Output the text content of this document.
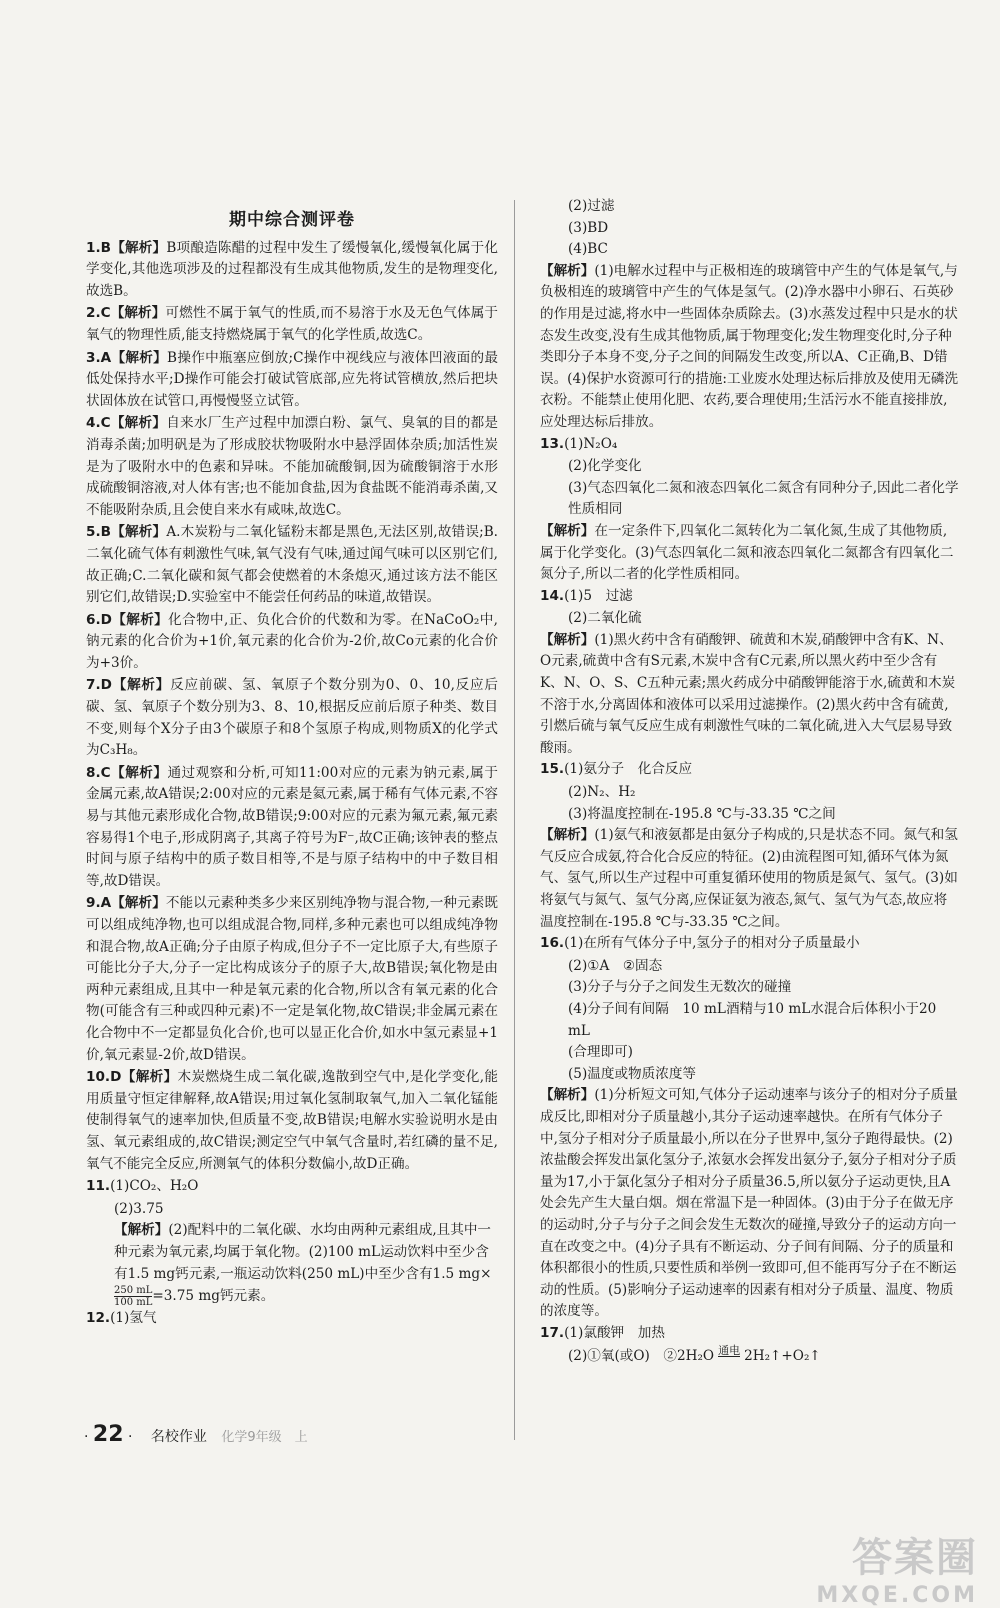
期中综合测评卷

1.B【解析】B项酿造陈醋的过程中发生了缓慢氧化,缓慢氧化属于化学变化,其他选项涉及的过程都没有生成其他物质,发生的是物理变化,故选B。

2.C【解析】可燃性不属于氧气的性质,而不易溶于水及无色气体属于氧气的物理性质,能支持燃烧属于氧气的化学性质,故选C。

3.A【解析】B操作中瓶塞应倒放;C操作中视线应与液体凹液面的最低处保持水平;D操作可能会打破试管底部,应先将试管横放,然后把块状固体放在试管口,再慢慢竖立试管。

4.C【解析】自来水厂生产过程中加漂白粉、氯气、臭氧的目的都是消毒杀菌;加明矾是为了形成胶状物吸附水中悬浮固体杂质;加活性炭是为了吸附水中的色素和异味。不能加硫酸铜,因为硫酸铜溶于水形成硫酸铜溶液,对人体有害;也不能加食盐,因为食盐既不能消毒杀菌,又不能吸附杂质,且会使自来水有咸味,故选C。

5.B【解析】A.木炭粉与二氧化锰粉末都是黑色,无法区别,故错误;B.二氧化硫气体有刺激性气味,氧气没有气味,通过闻气味可以区别它们,故正确;C.二氧化碳和氮气都会使燃着的木条熄灭,通过该方法不能区别它们,故错误;D.实验室中不能尝任何药品的味道,故错误。

6.D【解析】化合物中,正、负化合价的代数和为零。在NaCoO₂中,钠元素的化合价为+1价,氧元素的化合价为-2价,故Co元素的化合价为+3价。

7.D【解析】反应前碳、氢、氧原子个数分别为0、0、10,反应后碳、氢、氧原子个数分别为3、8、10,根据反应前后原子种类、数目不变,则每个X分子由3个碳原子和8个氢原子构成,则物质X的化学式为C₃H₈。

8.C【解析】通过观察和分析,可知11:00对应的元素为钠元素,属于金属元素,故A错误;2:00对应的元素是氦元素,属于稀有气体元素,不容易与其他元素形成化合物,故B错误;9:00对应的元素为氟元素,氟元素容易得1个电子,形成阴离子,其离子符号为F⁻,故C正确;该钟表的整点时间与原子结构中的质子数目相等,不是与原子结构中的中子数目相等,故D错误。

9.A【解析】不能以元素种类多少来区别纯净物与混合物,一种元素既可以组成纯净物,也可以组成混合物,同样,多种元素也可以组成纯净物和混合物,故A正确;分子由原子构成,但分子不一定比原子大,有些原子可能比分子大,分子一定比构成该分子的原子大,故B错误;氧化物是由两种元素组成,且其中一种是氧元素的化合物,所以含有氧元素的化合物(可能含有三种或四种元素)不一定是氧化物,故C错误;非金属元素在化合物中不一定都显负化合价,也可以显正化合价,如水中氢元素显+1价,氧元素显-2价,故D错误。

10.D【解析】木炭燃烧生成二氧化碳,逸散到空气中,是化学变化,能用质量守恒定律解释,故A错误;用过氧化氢制取氧气,加入二氧化锰能使制得氧气的速率加快,但质量不变,故B错误;电解水实验说明水是由氢、氧元素组成的,故C错误;测定空气中氧气含量时,若红磷的量不足,氧气不能完全反应,所测氧气的体积分数偏小,故D正确。

11.(1)CO₂、H₂O

(2)3.75

【解析】(2)配料中的二氧化碳、水均由两种元素组成,且其中一种元素为氧元素,均属于氧化物。(2)100 mL运动饮料中至少含有1.5 mg钙元素,一瓶运动饮料(250 mL)中至少含有1.5 mg×
$\frac{250 mL}{100 mL} =3.75$ mg钙元素。

12.(1)氢气

(2)过滤

(3)BD

(4)BC

【解析】(1)电解水过程中与正极相连的玻璃管中产生的气体是氧气,与负极相连的玻璃管中产生的气体是氢气。(2)净水器中小卵石、石英砂的作用是过滤,将水中一些固体杂质除去。(3)水蒸发过程中只是水的状态发生改变,没有生成其他物质,属于物理变化;发生物理变化时,分子种类即分子本身不变,分子之间的间隔发生改变,所以A、C正确,B、D错误。(4)保护水资源可行的措施:工业废水处理达标后排放及使用无磷洗衣粉。不能禁止使用化肥、农药,要合理使用;生活污水不能直接排放,应处理达标后排放。

13.(1)N₂O₄

(2)化学变化

(3)气态四氧化二氮和液态四氧化二氮含有同种分子,因此二者化学性质相同

【解析】在一定条件下,四氧化二氮转化为二氧化氮,生成了其他物质,属于化学变化。(3)气态四氧化二氮和液态四氧化二氮都含有四氧化二氮分子,所以二者的化学性质相同。

14.(1)5　过滤

(2)二氧化硫

【解析】(1)黑火药中含有硝酸钾、硫黄和木炭,硝酸钾中含有K、N、O元素,硫黄中含有S元素,木炭中含有C元素,所以黑火药中至少含有K、N、O、S、C五种元素;黑火药成分中硝酸钾能溶于水,硫黄和木炭不溶于水,分离固体和液体可以采用过滤操作。(2)黑火药中含有硫黄,引燃后硫与氧气反应生成有刺激性气味的二氧化硫,进入大气层易导致酸雨。

15.(1)氨分子　化合反应

(2)N₂、H₂

(3)将温度控制在-195.8 ℃与-33.35 ℃之间

【解析】(1)氨气和液氨都是由氨分子构成的,只是状态不同。氮气和氢气反应合成氨,符合化合反应的特征。(2)由流程图可知,循环气体为氮气、氢气,所以生产过程中可重复循环使用的物质是氮气、氢气。(3)如将氨气与氮气、氢气分离,应保证氨为液态,氮气、氢气为气态,故应将温度控制在-195.8 ℃与-33.35 ℃之间。

16.(1)在所有气体分子中,氢分子的相对分子质量最小

(2)①A　②固态

(3)分子与分子之间发生无数次的碰撞

(4)分子间有间隔　10 mL酒精与10 mL水混合后体积小于20 mL

(合理即可)

(5)温度或物质浓度等

【解析】(1)分析短文可知,气体分子运动速率与该分子的相对分子质量成反比,即相对分子质量越小,其分子运动速率越快。在所有气体分子中,氢分子相对分子质量最小,所以在分子世界中,氢分子跑得最快。(2)浓盐酸会挥发出氯化氢分子,浓氨水会挥发出氨分子,氨分子相对分子质量为17,小于氯化氢分子相对分子质量36.5,所以氨分子运动更快,且A处会先产生大量白烟。烟在常温下是一种固体。(3)由于分子在做无序的运动时,分子与分子之间会发生无数次的碰撞,导致分子的运动方向一直在改变之中。(4)分子具有不断运动、分子间有间隔、分子的质量和体积都很小的性质,只要性质和举例一致即可,但不能再写分子在不断运动的性质。(5)影响分子运动速率的因素有相对分子质量、温度、物质的浓度等。

17.(1)氯酸钾　加热

(2)①氧(或O)　②2H₂O 通电
2H₂↑+O₂↑

· 22 · 名校作业 化学9年级　上
答案圈
MXQE.COM
